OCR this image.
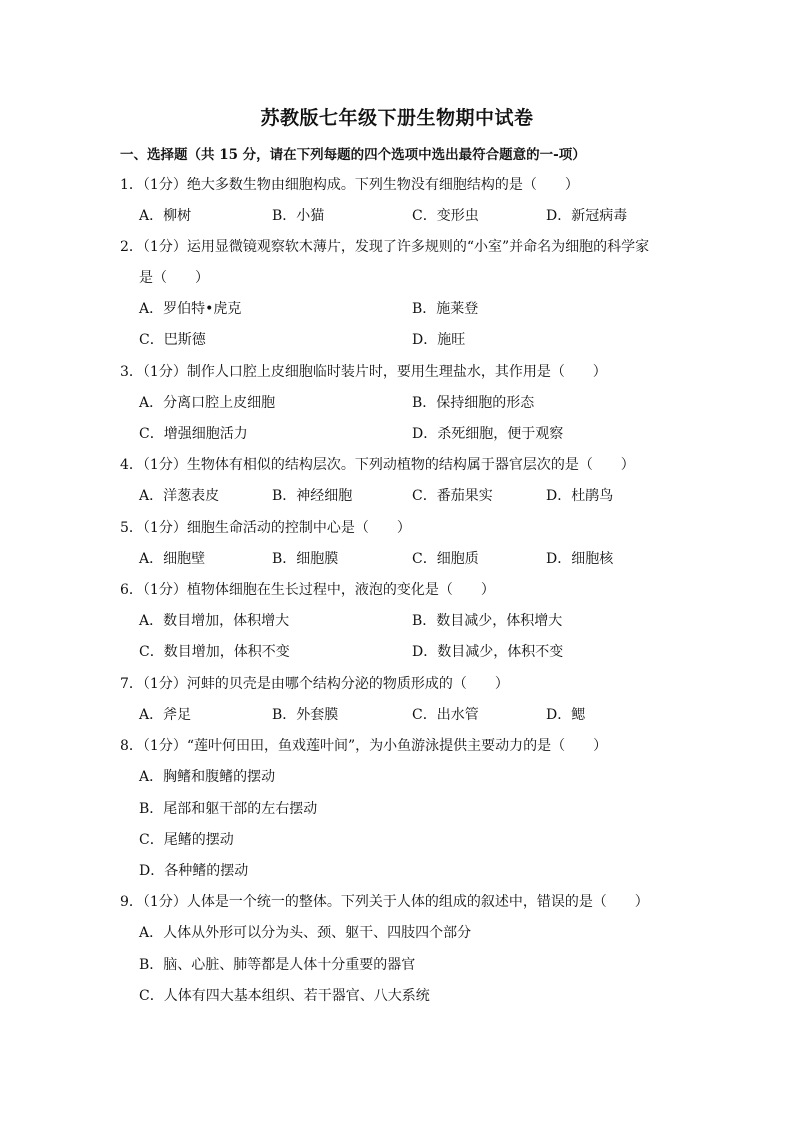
苏教版七年级下册生物期中试卷
一、选择题（共 15 分，请在下列每题的四个选项中选出最符合题意的一-项）
1．（1分）绝大多数生物由细胞构成。下列生物没有细胞结构的是（　　）
A．柳树	B．小猫	C．变形虫	D．新冠病毒
2．（1分）运用显微镜观察软木薄片，发现了许多规则的“小室”并命名为细胞的科学家
是（　　）
A．罗伯特•虎克	B．施莱登
C．巴斯德	D．施旺
3．（1分）制作人口腔上皮细胞临时装片时，要用生理盐水，其作用是（　　）
A．分离口腔上皮细胞	B．保持细胞的形态
C．增强细胞活力	D．杀死细胞，便于观察
4．（1分）生物体有相似的结构层次。下列动植物的结构属于器官层次的是（　　）
A．洋葱表皮	B．神经细胞	C．番茄果实	D．杜鹃鸟
5．（1分）细胞生命活动的控制中心是（　　）
A．细胞壁	B．细胞膜	C．细胞质	D．细胞核
6．（1分）植物体细胞在生长过程中，液泡的变化是（　　）
A．数目增加，体积增大	B．数目减少，体积增大
C．数目增加，体积不变	D．数目减少，体积不变
7．（1分）河蚌的贝壳是由哪个结构分泌的物质形成的（　　）
A．斧足	B．外套膜	C．出水管	D．鳃
8．（1分）“莲叶何田田，鱼戏莲叶间”，为小鱼游泳提供主要动力的是（　　）
A．胸鳍和腹鳍的摆动
B．尾部和躯干部的左右摆动
C．尾鳍的摆动
D．各种鳍的摆动
9．（1分）人体是一个统一的整体。下列关于人体的组成的叙述中，错误的是（　　）
A．人体从外形可以分为头、颈、躯干、四肢四个部分
B．脑、心脏、肺等都是人体十分重要的器官
C．人体有四大基本组织、若干器官、八大系统
